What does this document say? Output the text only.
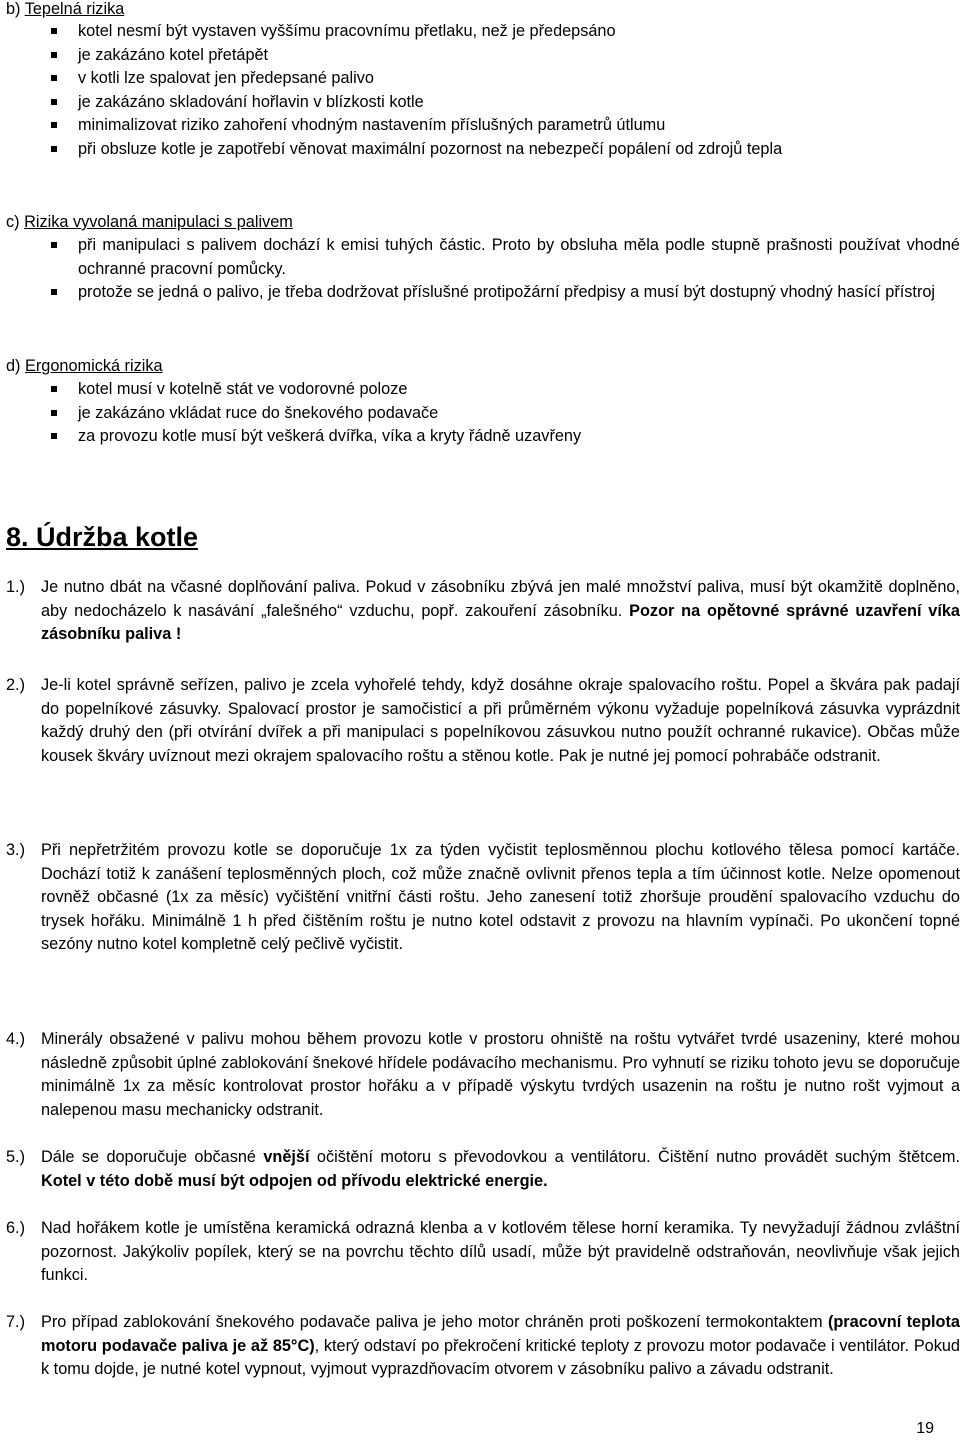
b) Tepelná rizika
kotel nesmí být vystaven vyššímu pracovnímu přetlaku, než je předepsáno
je zakázáno kotel přetápět
v kotli lze spalovat jen předepsané palivo
je zakázáno skladování hořlavin v blízkosti kotle
minimalizovat riziko zahoření vhodným nastavením příslušných parametrů útlumu
při obsluze kotle je zapotřebí věnovat maximální pozornost na nebezpečí popálení od zdrojů tepla
c) Rizika vyvolaná manipulaci s palivem
při manipulaci s palivem dochází k emisi tuhých částic. Proto by obsluha měla podle stupně prašnosti používat vhodné ochranné pracovní pomůcky.
protože se jedná o palivo, je třeba dodržovat příslušné protipožární předpisy a musí být dostupný vhodný hasící přístroj
d) Ergonomická rizika
kotel musí v kotelně stát ve vodorovné poloze
je zakázáno vkládat ruce do šnekového podavače
za provozu kotle musí být veškerá dvířka, víka a kryty řádně uzavřeny
8. Údržba kotle
1.) Je nutno dbát na včasné doplňování paliva. Pokud v zásobníku zbývá jen malé množství paliva, musí být okamžitě doplněno, aby nedocházelo k nasávání „falešného“ vzduchu, popř. zakouření zásobníku. Pozor na opětovné správné uzavření víka zásobníku paliva !
2.) Je-li kotel správně seřízen, palivo je zcela vyhořelé tehdy, když dosáhne okraje spalovacího roštu. Popel a škvára pak padají do popelníkové zásuvky. Spalovací prostor je samočisticí a při průměrném výkonu vyžaduje popelníková zásuvka vyprázdnit každý druhý den (při otvírání dvířek a při manipulaci s popelníkovou zásuvkou nutno použít ochranné rukavice). Občas může kousek škváry uvíznout mezi okrajem spalovacího roštu a stěnou kotle. Pak je nutné jej pomocí pohrabáče odstranit.
3.) Při nepřetržitém provozu kotle se doporučuje 1x za týden vyčistit teplosměnnou plochu kotlového tělesa pomocí kartáče. Dochází totiž k zanášení teplosměnných ploch, což může značně ovlivnit přenos tepla a tím účinnost kotle. Nelze opomenout rovněž občasné (1x za měsíc) vyčištění vnitřní části roštu. Jeho zanesení totiž zhoršuje proudění spalovacího vzduchu do trysek hořáku. Minimálně 1 h před čištěním roštu je nutno kotel odstavit z provozu na hlavním vypínači. Po ukončení topné sezóny nutno kotel kompletně celý pečlivě vyčistit.
4.) Minerály obsažené v palivu mohou během provozu kotle v prostoru ohniště na roštu vytvářet tvrdé usazeniny, které mohou následně způsobit úplné zablokování šnekové hřídele podávacího mechanismu. Pro vyhnutí se riziku tohoto jevu se doporučuje minimálně 1x za měsíc kontrolovat prostor hořáku a v případě výskytu tvrdých usazenin na roštu je nutno rošt vyjmout a nalepenou masu mechanicky odstranit.
5.) Dále se doporučuje občasné vnější očištění motoru s převodovkou a ventilátoru. Čištění nutno provádět suchým štětcem. Kotel v této době musí být odpojen od přívodu elektrické energie.
6.) Nad hořákem kotle je umístěna keramická odrazná klenba a v kotlovém tělese horní keramika. Ty nevyžadují žádnou zvláštní pozornost. Jakýkoliv popílek, který se na povrchu těchto dílů usadí, může být pravidelně odstraňován, neovlivňuje však jejich funkci.
7.) Pro případ zablokování šnekového podavače paliva je jeho motor chráněn proti poškození termokontaktem (pracovní teplota motoru podavače paliva je až 85°C), který odstaví po překročení kritické teploty z provozu motor podavače i ventilátor. Pokud k tomu dojde, je nutné kotel vypnout, vyjmout vyprazdňovacím otvorem v zásobníku palivo a závadu odstranit.
19
